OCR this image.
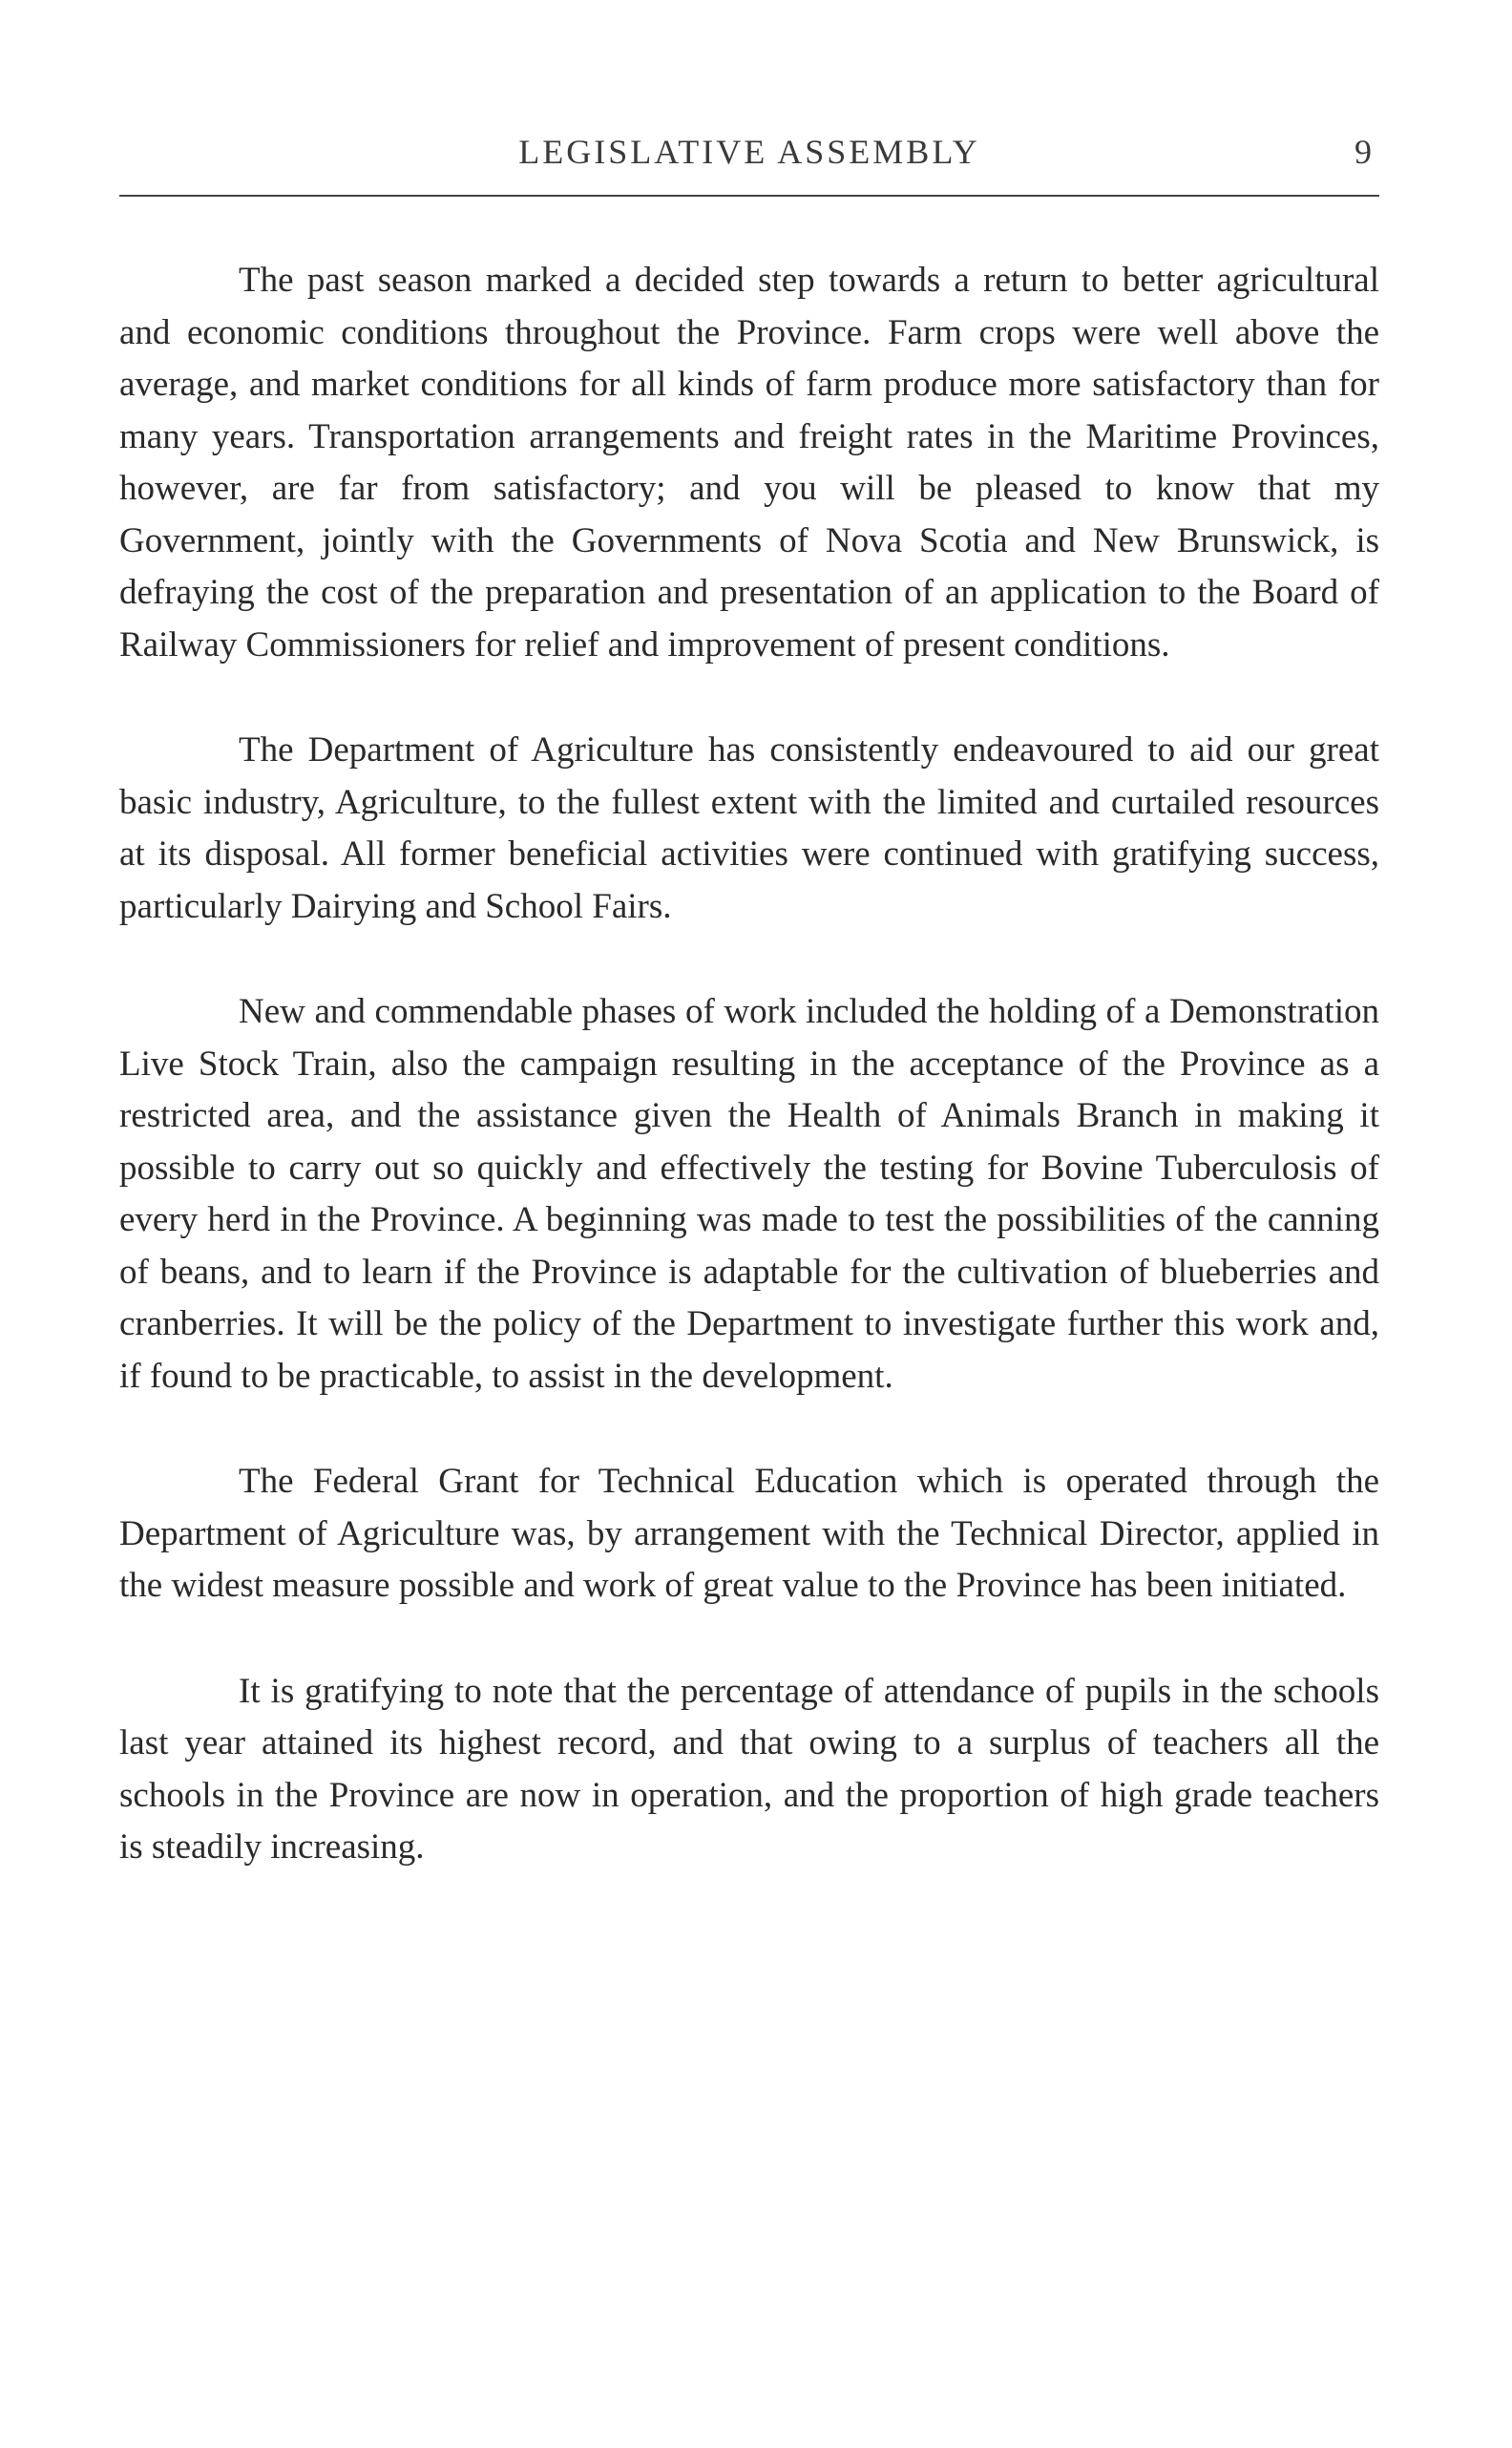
LEGISLATIVE ASSEMBLY	9

The past season marked a decided step towards a return to better agricultural and economic conditions throughout the Province. Farm crops were well above the average, and market conditions for all kinds of farm produce more satisfactory than for many years. Transportation arrangements and freight rates in the Maritime Provinces, however, are far from satisfactory; and you will be pleased to know that my Government, jointly with the Governments of Nova Scotia and New Brunswick, is defraying the cost of the preparation and presentation of an application to the Board of Railway Commissioners for relief and improvement of present conditions.

The Department of Agriculture has consistently endeavoured to aid our great basic industry, Agriculture, to the fullest extent with the limited and curtailed resources at its disposal. All former beneficial activities were continued with gratifying success, particularly Dairying and School Fairs.

New and commendable phases of work included the holding of a Demonstration Live Stock Train, also the campaign resulting in the acceptance of the Province as a restricted area, and the assistance given the Health of Animals Branch in making it possible to carry out so quickly and effectively the testing for Bovine Tuberculosis of every herd in the Province. A beginning was made to test the possibilities of the canning of beans, and to learn if the Province is adaptable for the cultivation of blueberries and cranberries. It will be the policy of the Department to investigate further this work and, if found to be practicable, to assist in the development.

The Federal Grant for Technical Education which is operated through the Department of Agriculture was, by arrangement with the Technical Director, applied in the widest measure possible and work of great value to the Province has been initiated.

It is gratifying to note that the percentage of attendance of pupils in the schools last year attained its highest record, and that owing to a surplus of teachers all the schools in the Province are now in operation, and the proportion of high grade teachers is steadily increasing.
